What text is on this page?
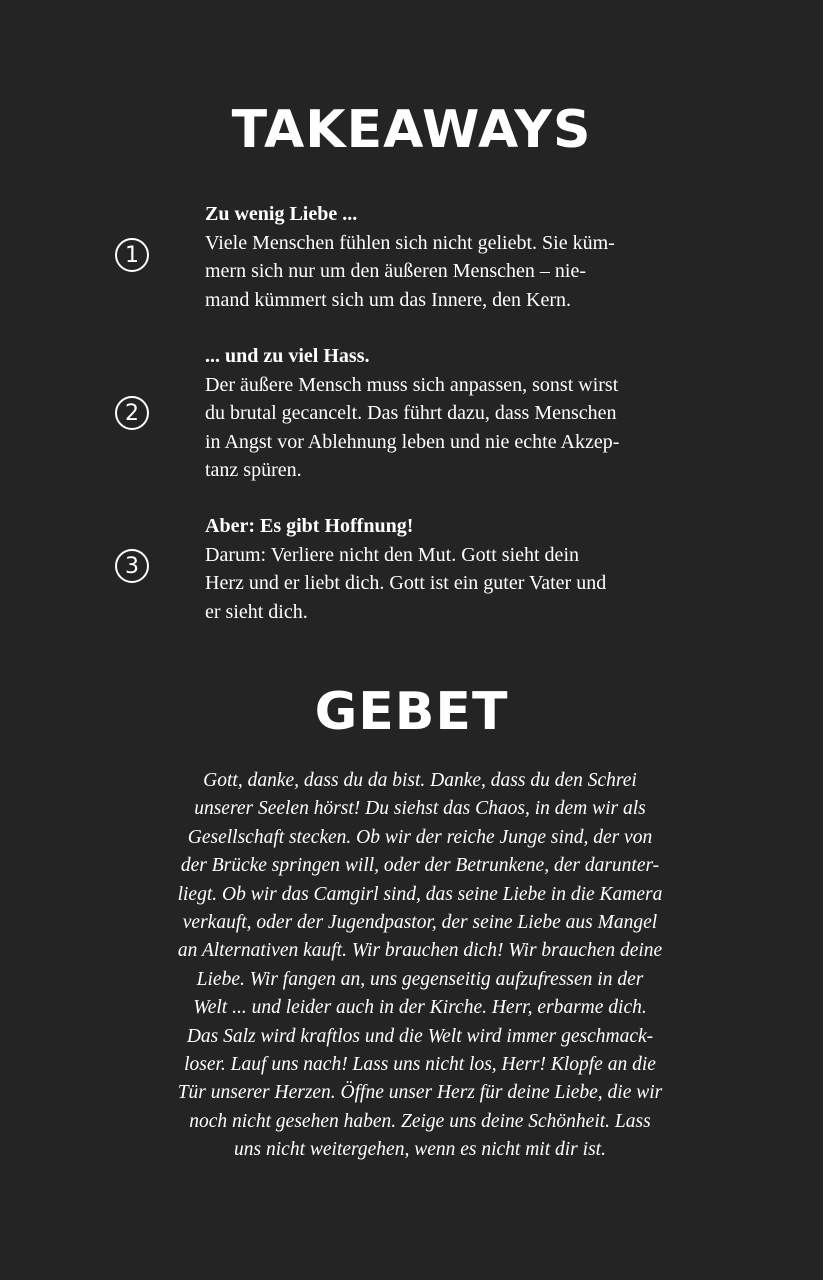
TAKEAWAYS
1
Zu wenig Liebe ...
Viele Menschen fühlen sich nicht geliebt. Sie küm-
mern sich nur um den äußeren Menschen – nie-
mand kümmert sich um das Innere, den Kern.
2
... und zu viel Hass.
Der äußere Mensch muss sich anpassen, sonst wirst
du brutal gecancelt. Das führt dazu, dass Menschen
in Angst vor Ablehnung leben und nie echte Akzep-
tanz spüren.
3
Aber: Es gibt Hoffnung!
Darum: Verliere nicht den Mut. Gott sieht dein
Herz und er liebt dich. Gott ist ein guter Vater und
er sieht dich.
GEBET

Gott, danke, dass du da bist. Danke, dass du den Schrei
unserer Seelen hörst! Du siehst das Chaos, in dem wir als
Gesellschaft stecken. Ob wir der reiche Junge sind, der von
der Brücke springen will, oder der Betrunkene, der darunter-
liegt. Ob wir das Camgirl sind, das seine Liebe in die Kamera
verkauft, oder der Jugendpastor, der seine Liebe aus Mangel
an Alternativen kauft. Wir brauchen dich! Wir brauchen deine
Liebe. Wir fangen an, uns gegenseitig aufzufressen in der
Welt ... und leider auch in der Kirche. Herr, erbarme dich.
Das Salz wird kraftlos und die Welt wird immer geschmack-
loser. Lauf uns nach! Lass uns nicht los, Herr! Klopfe an die
Tür unserer Herzen. Öffne unser Herz für deine Liebe, die wir
noch nicht gesehen haben. Zeige uns deine Schönheit. Lass
uns nicht weitergehen, wenn es nicht mit dir ist.
